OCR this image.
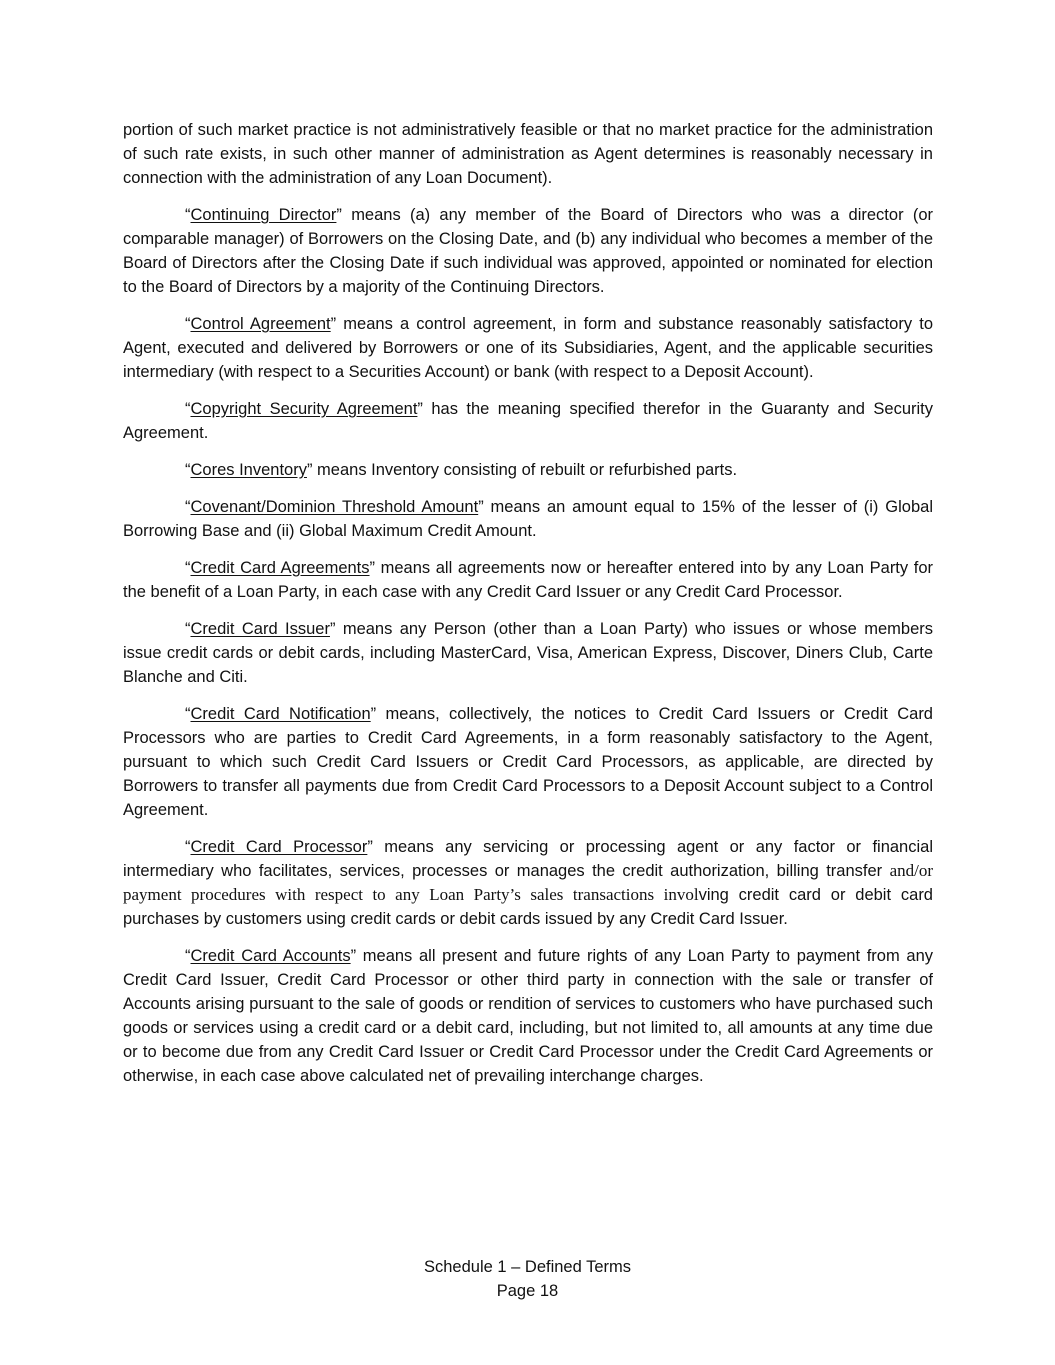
portion of such market practice is not administratively feasible or that no market practice for the administration of such rate exists, in such other manner of administration as Agent determines is reasonably necessary in connection with the administration of any Loan Document).

“Continuing Director” means (a) any member of the Board of Directors who was a director (or comparable manager) of Borrowers on the Closing Date, and (b) any individual who becomes a member of the Board of Directors after the Closing Date if such individual was approved, appointed or nominated for election to the Board of Directors by a majority of the Continuing Directors.

“Control Agreement” means a control agreement, in form and substance reasonably satisfactory to Agent, executed and delivered by Borrowers or one of its Subsidiaries, Agent, and the applicable securities intermediary (with respect to a Securities Account) or bank (with respect to a Deposit Account).

“Copyright Security Agreement” has the meaning specified therefor in the Guaranty and Security Agreement.

“Cores Inventory” means Inventory consisting of rebuilt or refurbished parts.

“Covenant/Dominion Threshold Amount” means an amount equal to 15% of the lesser of (i) Global Borrowing Base and (ii) Global Maximum Credit Amount.

“Credit Card Agreements” means all agreements now or hereafter entered into by any Loan Party for the benefit of a Loan Party, in each case with any Credit Card Issuer or any Credit Card Processor.

“Credit Card Issuer” means any Person (other than a Loan Party) who issues or whose members issue credit cards or debit cards, including MasterCard, Visa, American Express, Discover, Diners Club, Carte Blanche and Citi.

“Credit Card Notification” means, collectively, the notices to Credit Card Issuers or Credit Card Processors who are parties to Credit Card Agreements, in a form reasonably satisfactory to the Agent, pursuant to which such Credit Card Issuers or Credit Card Processors, as applicable, are directed by Borrowers to transfer all payments due from Credit Card Processors to a Deposit Account subject to a Control Agreement.

“Credit Card Processor” means any servicing or processing agent or any factor or financial intermediary who facilitates, services, processes or manages the credit authorization, billing transfer and/or payment procedures with respect to any Loan Party’s sales transactions involving credit card or debit card purchases by customers using credit cards or debit cards issued by any Credit Card Issuer.

“Credit Card Accounts” means all present and future rights of any Loan Party to payment from any Credit Card Issuer, Credit Card Processor or other third party in connection with the sale or transfer of Accounts arising pursuant to the sale of goods or rendition of services to customers who have purchased such goods or services using a credit card or a debit card, including, but not limited to, all amounts at any time due or to become due from any Credit Card Issuer or Credit Card Processor under the Credit Card Agreements or otherwise, in each case above calculated net of prevailing interchange charges.

Schedule 1 – Defined Terms
Page 18
